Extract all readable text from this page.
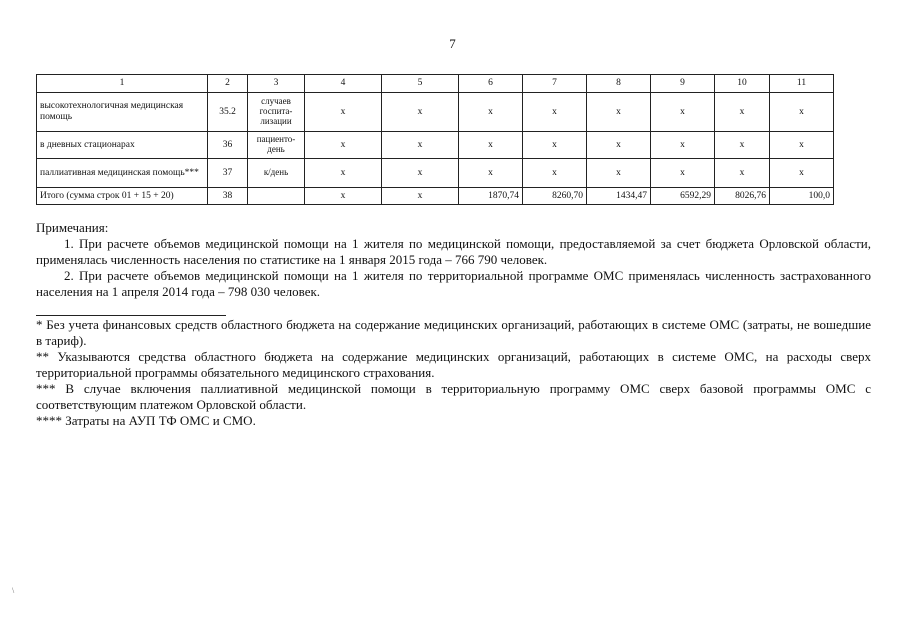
7
1	2	3	4	5	6	7	8	9	10	11
высокотехнологичная медицинская помощь	35.2	случаев госпита-лизации	х	х	х	х	х	х	х	х
в дневных стационарах	36	пациенто-день	х	х	х	х	х	х	х	х
паллиативная медицинская помощь***	37	к/день	х	х	х	х	х	х	х	х
Итого (сумма строк 01 + 15 + 20)	38		х	х	1870,74	8260,70	1434,47	6592,29	8026,76	100,0

Примечания:

1. При расчете объемов медицинской помощи на 1 жителя по медицинской помощи, предоставляемой за счет бюджета Орловской области, применялась численность населения по статистике на 1 января 2015 года – 766 790 человек.

2. При расчете объемов медицинской помощи на 1 жителя по территориальной программе ОМС применялась численность застрахованного населения на 1 апреля 2014 года – 798 030 человек.

* Без учета финансовых средств областного бюджета на содержание медицинских организаций, работающих в системе ОМС (затраты, не вошедшие в тариф).

** Указываются средства областного бюджета на содержание медицинских организаций, работающих в системе ОМС, на расходы сверх территориальной программы обязательного медицинского страхования.

*** В случае включения паллиативной медицинской помощи в территориальную программу ОМС сверх базовой программы ОМС с соответствующим платежом Орловской области.

**** Затраты на АУП ТФ ОМС и СМО.

\
